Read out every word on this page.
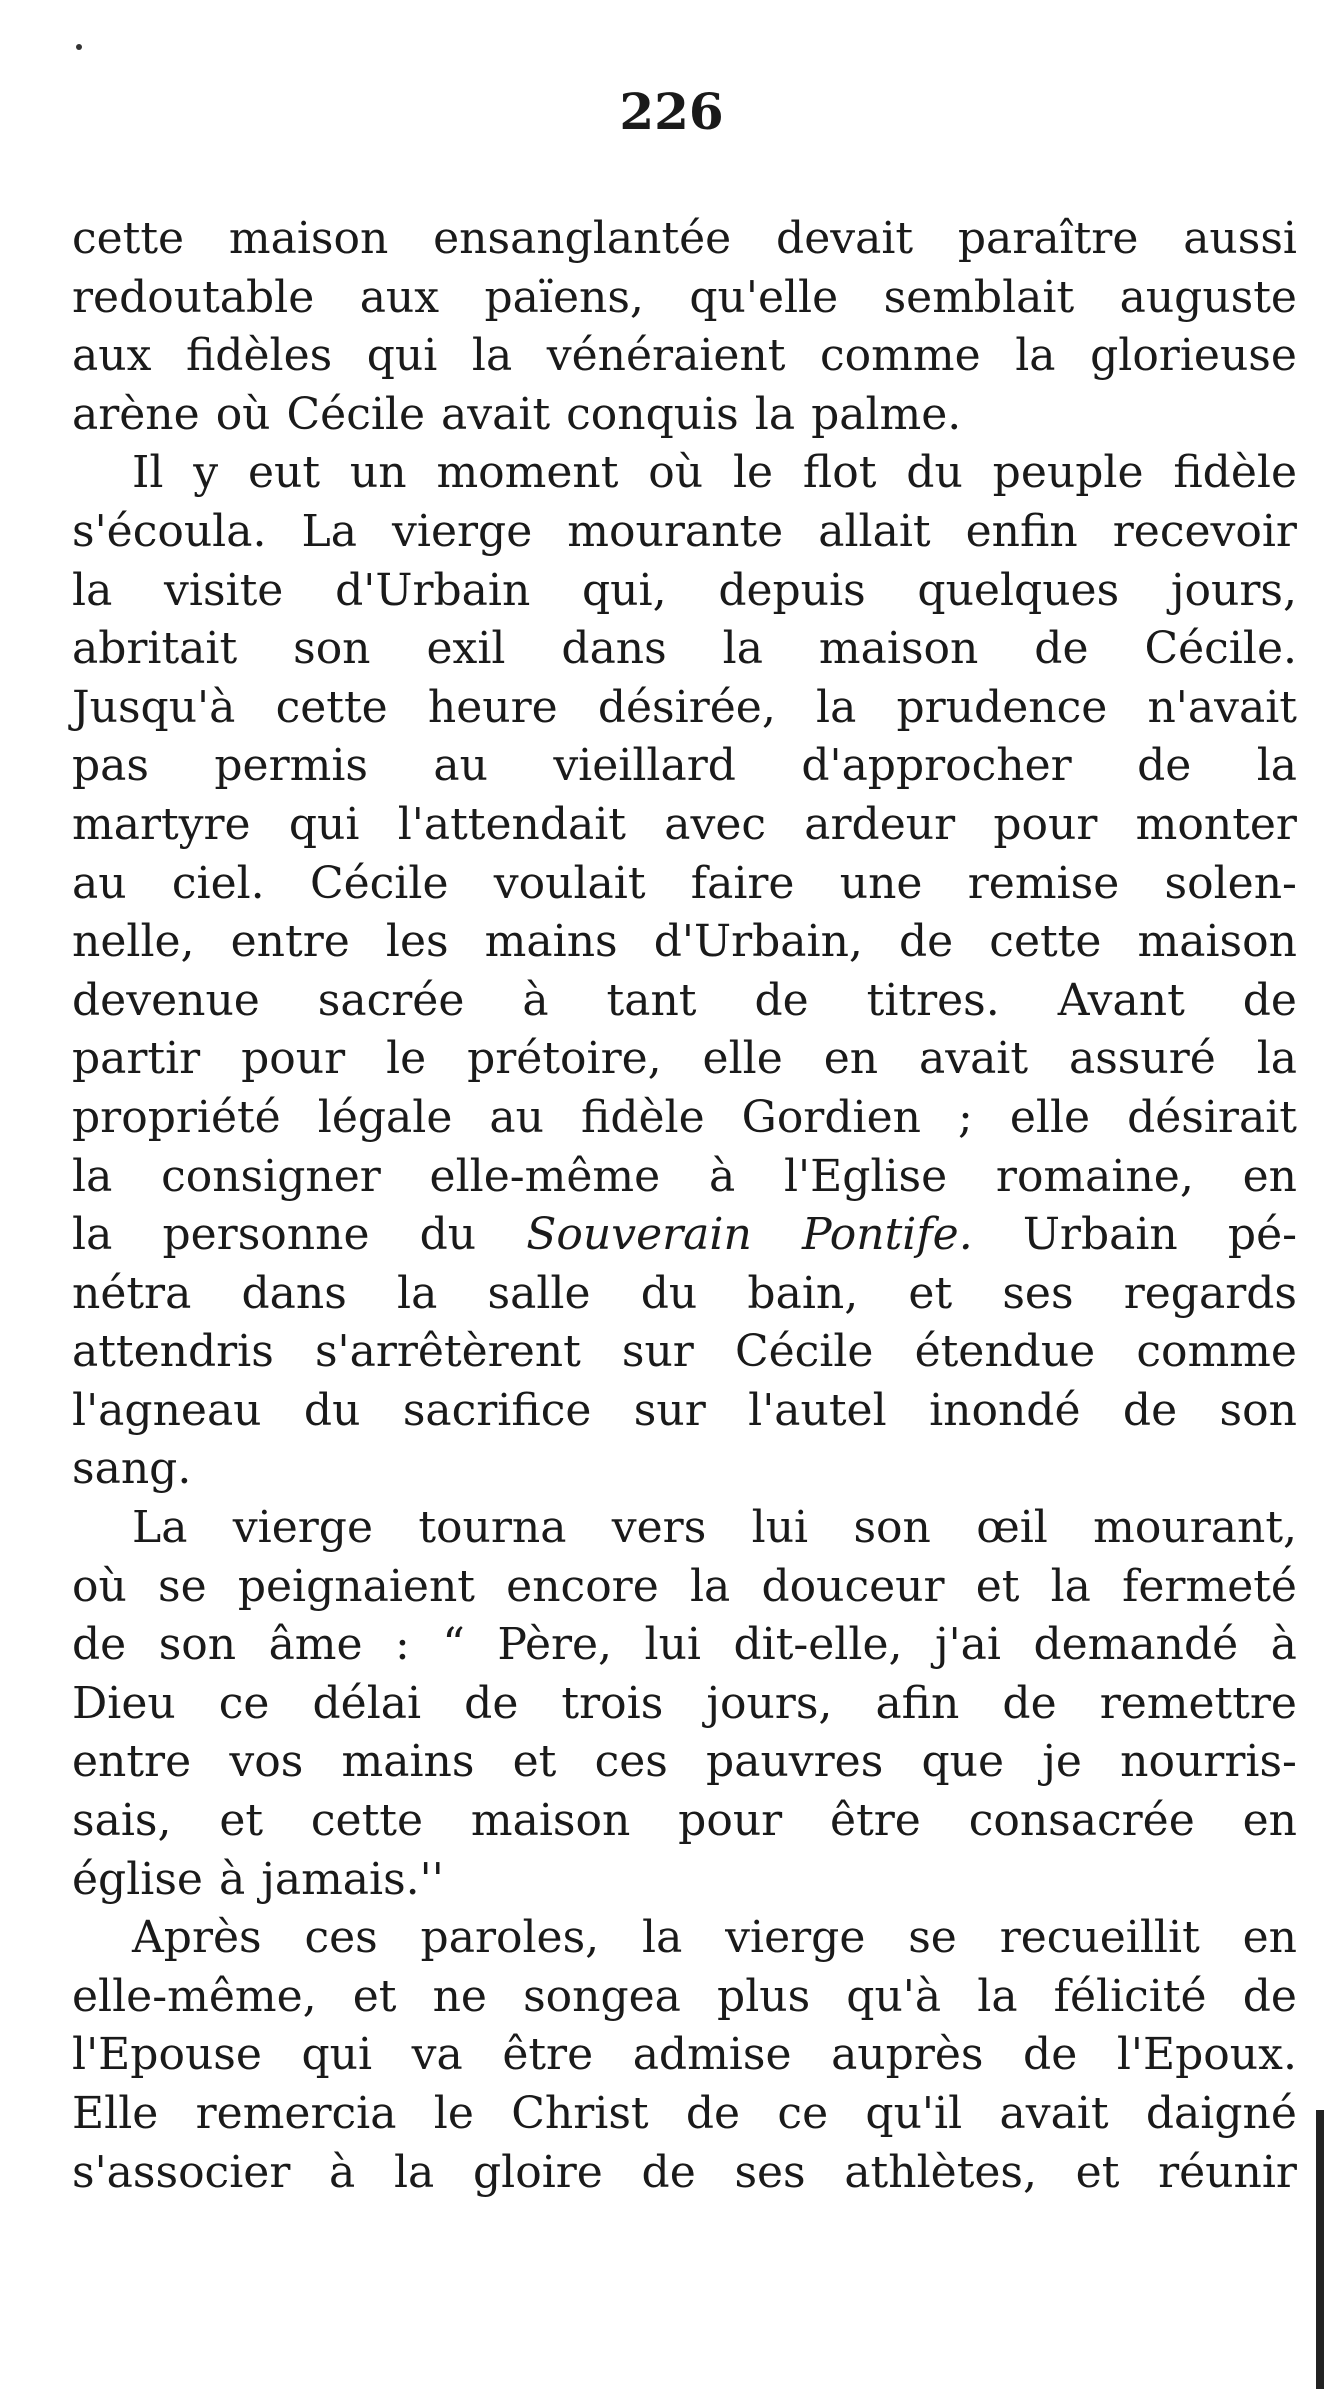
226
cette maison ensanglantée devait paraître aussi
redoutable aux païens, qu'elle semblait auguste
aux fidèles qui la vénéraient comme la glorieuse
arène où Cécile avait conquis la palme.
Il y eut un moment où le flot du peuple fidèle
s'écoula. La vierge mourante allait enfin recevoir
la visite d'Urbain qui, depuis quelques jours,
abritait son exil dans la maison de Cécile.
Jusqu'à cette heure désirée, la prudence n'avait
pas permis au vieillard d'approcher de la
martyre qui l'attendait avec ardeur pour monter
au ciel. Cécile voulait faire une remise solen-
nelle, entre les mains d'Urbain, de cette maison
devenue sacrée à tant de titres. Avant de
partir pour le prétoire, elle en avait assuré la
propriété légale au fidèle Gordien ; elle désirait
la consigner elle-même à l'Eglise romaine, en
la personne du Souverain Pontife. Urbain pé-
nétra dans la salle du bain, et ses regards
attendris s'arrêtèrent sur Cécile étendue comme
l'agneau du sacrifice sur l'autel inondé de son
sang.
La vierge tourna vers lui son œil mourant,
où se peignaient encore la douceur et la fermeté
de son âme : “ Père, lui dit-elle, j'ai demandé à
Dieu ce délai de trois jours, afin de remettre
entre vos mains et ces pauvres que je nourris-
sais, et cette maison pour être consacrée en
église à jamais.''
Après ces paroles, la vierge se recueillit en
elle-même, et ne songea plus qu'à la félicité de
l'Epouse qui va être admise auprès de l'Epoux.
Elle remercia le Christ de ce qu'il avait daigné
s'associer à la gloire de ses athlètes, et réunir
